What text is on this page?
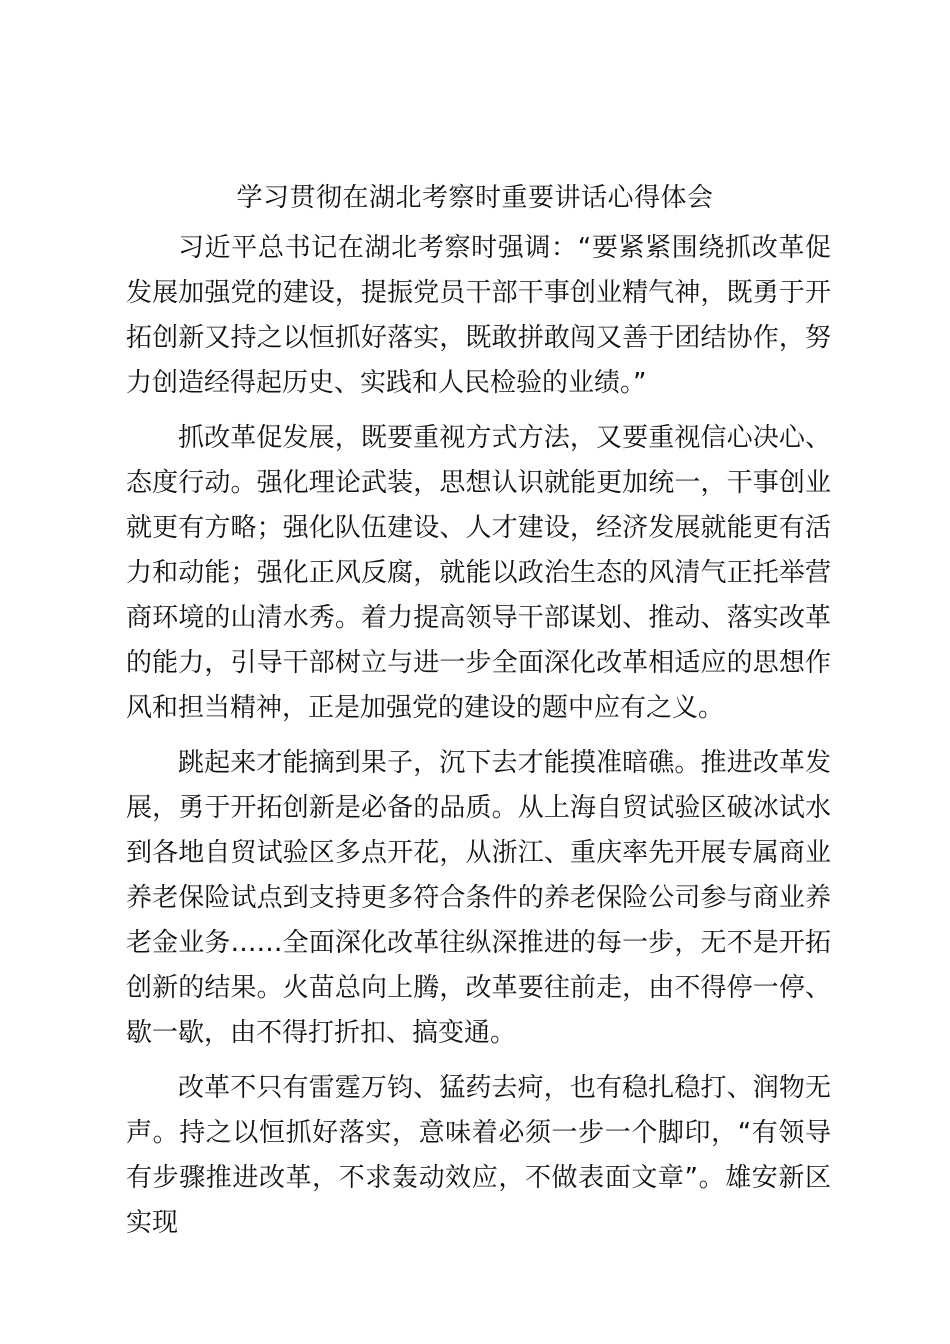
学习贯彻在湖北考察时重要讲话心得体会

习近平总书记在湖北考察时强调：“要紧紧围绕抓改革促发展加强党的建设，提振党员干部干事创业精气神，既勇于开拓创新又持之以恒抓好落实，既敢拼敢闯又善于团结协作，努力创造经得起历史、实践和人民检验的业绩。”

抓改革促发展，既要重视方式方法，又要重视信心决心、态度行动。强化理论武装，思想认识就能更加统一，干事创业就更有方略；强化队伍建设、人才建设，经济发展就能更有活力和动能；强化正风反腐，就能以政治生态的风清气正托举营商环境的山清水秀。着力提高领导干部谋划、推动、落实改革的能力，引导干部树立与进一步全面深化改革相适应的思想作风和担当精神，正是加强党的建设的题中应有之义。

跳起来才能摘到果子，沉下去才能摸准暗礁。推进改革发展，勇于开拓创新是必备的品质。从上海自贸试验区破冰试水到各地自贸试验区多点开花，从浙江、重庆率先开展专属商业养老保险试点到支持更多符合条件的养老保险公司参与商业养老金业务……全面深化改革往纵深推进的每一步，无不是开拓创新的结果。火苗总向上腾，改革要往前走，由不得停一停、歇一歇，由不得打折扣、搞变通。

改革不只有雷霆万钧、猛药去疴，也有稳扎稳打、润物无声。持之以恒抓好落实，意味着必须一步一个脚印，“有领导有步骤推进改革，不求轰动效应，不做表面文章”。雄安新区实现
